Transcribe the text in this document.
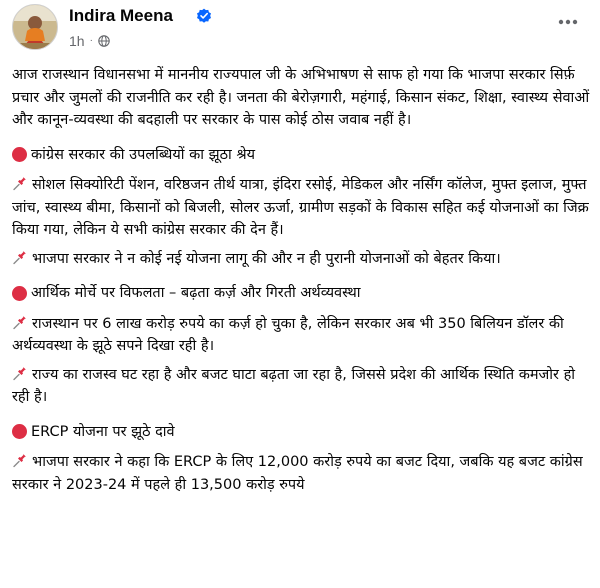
Indira Meena
1h ·

आज राजस्थान विधानसभा में माननीय राज्यपाल जी के अभिभाषण से साफ हो गया कि भाजपा सरकार सिर्फ़ प्रचार और जुमलों की राजनीति कर रही है। जनता की बेरोज़गारी, महंगाई, किसान संकट, शिक्षा, स्वास्थ्य सेवाओं और कानून-व्यवस्था की बदहाली पर सरकार के पास कोई ठोस जवाब नहीं है।

कांग्रेस सरकार की उपलब्धियों का झूठा श्रेय
सोशल सिक्योरिटी पेंशन, वरिष्ठजन तीर्थ यात्रा, इंदिरा रसोई, मेडिकल और नर्सिंग कॉलेज, मुफ्त इलाज, मुफ्त जांच, स्वास्थ्य बीमा, किसानों को बिजली, सोलर ऊर्जा, ग्रामीण सड़कों के विकास सहित कई योजनाओं का जिक्र किया गया, लेकिन ये सभी कांग्रेस सरकार की देन हैं।
भाजपा सरकार ने न कोई नई योजना लागू की और न ही पुरानी योजनाओं को बेहतर किया।
आर्थिक मोर्चे पर विफलता – बढ़ता कर्ज़ और गिरती अर्थव्यवस्था
राजस्थान पर 6 लाख करोड़ रुपये का कर्ज़ हो चुका है, लेकिन सरकार अब भी 350 बिलियन डॉलर की अर्थव्यवस्था के झूठे सपने दिखा रही है।
राज्य का राजस्व घट रहा है और बजट घाटा बढ़ता जा रहा है, जिससे प्रदेश की आर्थिक स्थिति कमजोर हो रही है।
ERCP योजना पर झूठे दावे
भाजपा सरकार ने कहा कि ERCP के लिए 12,000 करोड़ रुपये का बजट दिया, जबकि यह बजट कांग्रेस सरकार ने 2023-24 में पहले ही 13,500 करोड़ रुपये
